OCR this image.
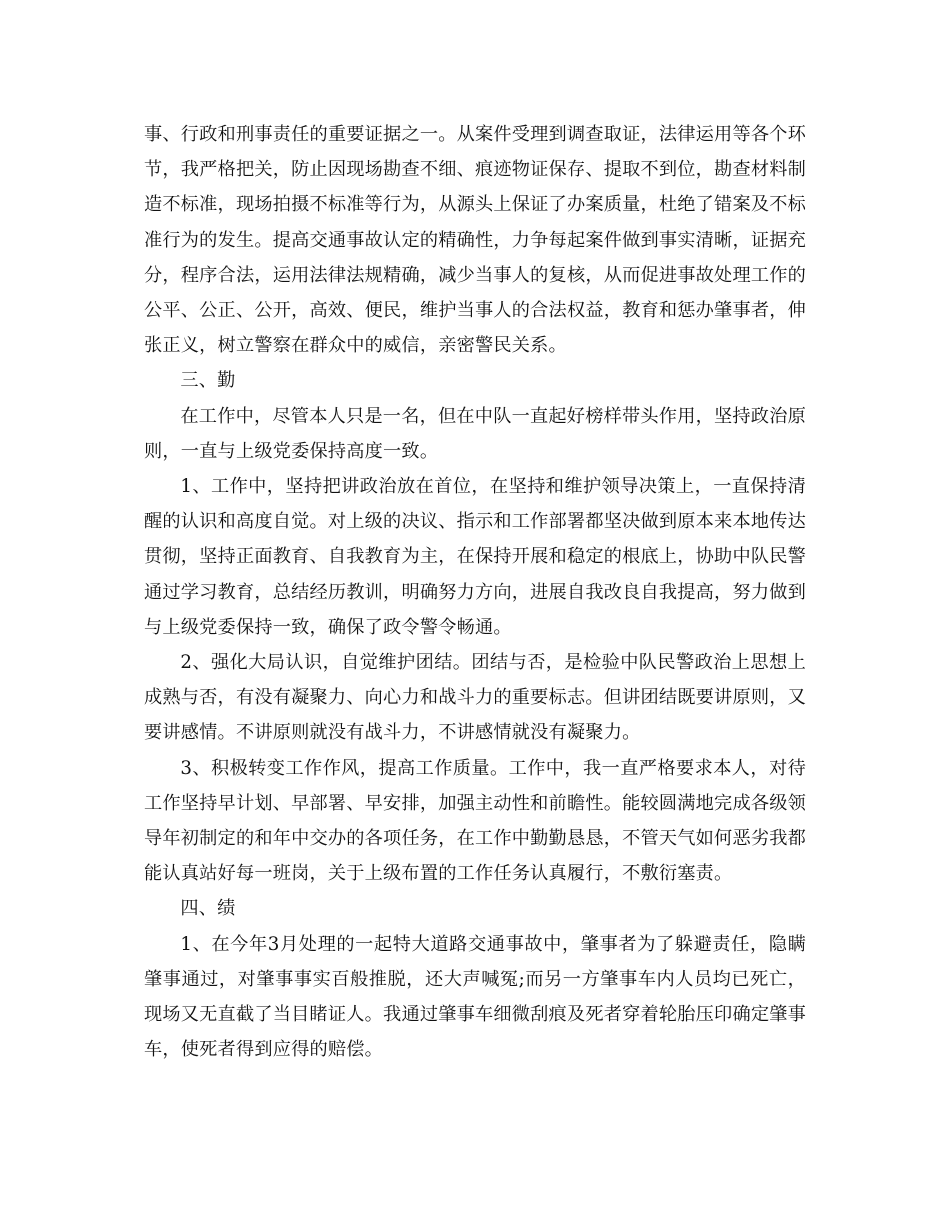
事、行政和刑事责任的重要证据之一。从案件受理到调查取证，法律运用等各个环节，我严格把关，防止因现场勘查不细、痕迹物证保存、提取不到位，勘查材料制造不标准，现场拍摄不标准等行为，从源头上保证了办案质量，杜绝了错案及不标准行为的发生。提高交通事故认定的精确性，力争每起案件做到事实清晰，证据充分，程序合法，运用法律法规精确，减少当事人的复核，从而促进事故处理工作的公平、公正、公开，高效、便民，维护当事人的合法权益，教育和惩办肇事者，伸张正义，树立警察在群众中的威信，亲密警民关系。

三、勤

在工作中，尽管本人只是一名，但在中队一直起好榜样带头作用，坚持政治原则，一直与上级党委保持高度一致。

1、工作中，坚持把讲政治放在首位，在坚持和维护领导决策上，一直保持清醒的认识和高度自觉。对上级的决议、指示和工作部署都坚决做到原本来本地传达贯彻，坚持正面教育、自我教育为主，在保持开展和稳定的根底上，协助中队民警通过学习教育，总结经历教训，明确努力方向，进展自我改良自我提高，努力做到与上级党委保持一致，确保了政令警令畅通。

2、强化大局认识，自觉维护团结。团结与否，是检验中队民警政治上思想上成熟与否，有没有凝聚力、向心力和战斗力的重要标志。但讲团结既要讲原则，又要讲感情。不讲原则就没有战斗力，不讲感情就没有凝聚力。

3、积极转变工作作风，提高工作质量。工作中，我一直严格要求本人，对待工作坚持早计划、早部署、早安排，加强主动性和前瞻性。能较圆满地完成各级领导年初制定的和年中交办的各项任务，在工作中勤勤恳恳，不管天气如何恶劣我都能认真站好每一班岗，关于上级布置的工作任务认真履行，不敷衍塞责。

四、绩

1、在今年3月处理的一起特大道路交通事故中，肇事者为了躲避责任，隐瞒肇事通过，对肇事事实百般推脱，还大声喊冤;而另一方肇事车内人员均已死亡，现场又无直截了当目睹证人。我通过肇事车细微刮痕及死者穿着轮胎压印确定肇事车，使死者得到应得的赔偿。
